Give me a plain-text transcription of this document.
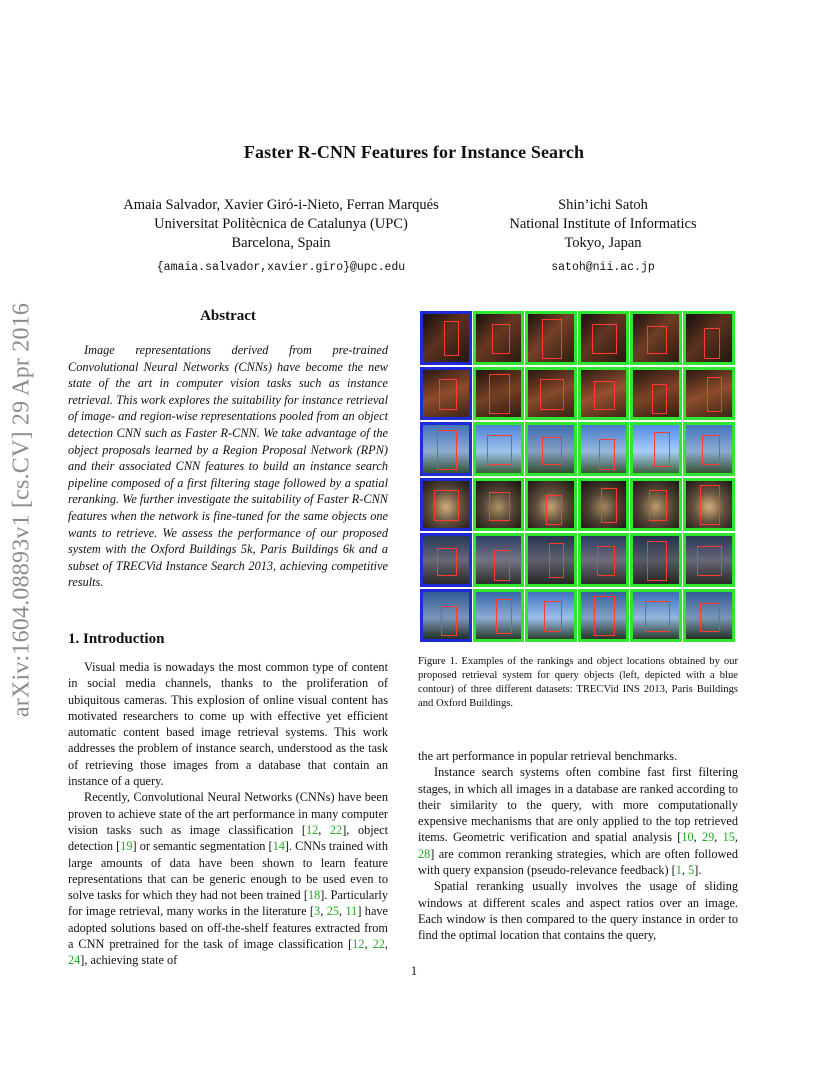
Faster R-CNN Features for Instance Search
Amaia Salvador, Xavier Giró-i-Nieto, Ferran Marqués
Universitat Politècnica de Catalunya (UPC)
Barcelona, Spain
{amaia.salvador,xavier.giro}@upc.edu
Shin’ichi Satoh
National Institute of Informatics
Tokyo, Japan
satoh@nii.ac.jp
arXiv:1604.08893v1 [cs.CV] 29 Apr 2016	Abstract

Image representations derived from pre-trained Convolutional Neural Networks (CNNs) have become the new state of the art in computer vision tasks such as instance retrieval. This work explores the suitability for instance retrieval of image- and region-wise representations pooled from an object detection CNN such as Faster R-CNN. We take advantage of the object proposals learned by a Region Proposal Network (RPN) and their associated CNN features to build an instance search pipeline composed of a first filtering stage followed by a spatial reranking. We further investigate the suitability of Faster R-CNN features when the network is fine-tuned for the same objects one wants to retrieve. We assess the performance of our proposed system with the Oxford Buildings 5k, Paris Buildings 6k and a subset of TRECVid Instance Search 2013, achieving competitive results.

1. Introduction

Visual media is nowadays the most common type of content in social media channels, thanks to the proliferation of ubiquitous cameras. This explosion of online visual content has motivated researchers to come up with effective yet efficient automatic content based image retrieval systems. This work addresses the problem of instance search, understood as the task of retrieving those images from a database that contain an instance of a query.

Recently, Convolutional Neural Networks (CNNs) have been proven to achieve state of the art performance in many computer vision tasks such as image classification [12, 22], object detection [19] or semantic segmentation [14]. CNNs trained with large amounts of data have been shown to learn feature representations that can be generic enough to be used even to solve tasks for which they had not been trained [18]. Particularly for image retrieval, many works in the literature [3, 25, 11] have adopted solutions based on off-the-shelf features extracted from a CNN pretrained for the task of image classification [12, 22, 24], achieving state of

Figure 1. Examples of the rankings and object locations obtained by our proposed retrieval system for query objects (left, depicted with a blue contour) of three different datasets: TRECVid INS 2013, Paris Buildings and Oxford Buildings.

the art performance in popular retrieval benchmarks.

Instance search systems often combine fast first filtering stages, in which all images in a database are ranked according to their similarity to the query, with more computationally expensive mechanisms that are only applied to the top retrieved items. Geometric verification and spatial analysis [10, 29, 15, 28] are common reranking strategies, which are often followed with query expansion (pseudo-relevance feedback) [1, 5].

Spatial reranking usually involves the usage of sliding windows at different scales and aspect ratios over an image. Each window is then compared to the query instance in order to find the optimal location that contains the query,

1
